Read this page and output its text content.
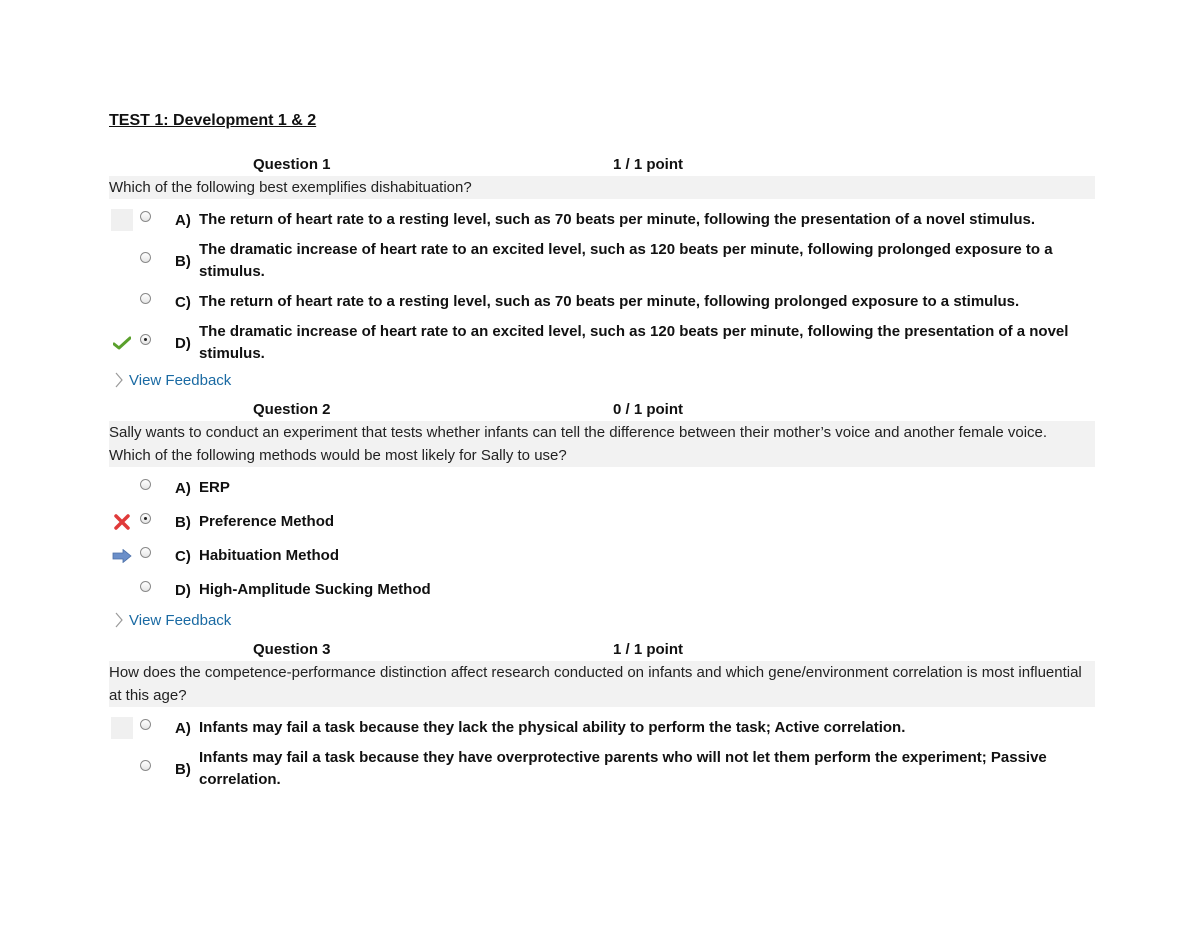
TEST 1: Development 1 & 2
Question 1	1 / 1 point
Which of the following best exemplifies dishabituation?
A) The return of heart rate to a resting level, such as 70 beats per minute, following the presentation of a novel stimulus.
B)
The dramatic increase of heart rate to an excited level, such as 120 beats per minute, following prolonged exposure to a stimulus.
C) The return of heart rate to a resting level, such as 70 beats per minute, following prolonged exposure to a stimulus.
D)
The dramatic increase of heart rate to an excited level, such as 120 beats per minute, following the presentation of a novel stimulus.
View Feedback
Question 2	0 / 1 point
Sally wants to conduct an experiment that tests whether infants can tell the difference between their mother’s voice and another female voice. Which of the following methods would be most likely for Sally to use?
A) ERP
B) Preference Method
C) Habituation Method
D) High-Amplitude Sucking Method
View Feedback
Question 3	1 / 1 point
How does the competence-performance distinction affect research conducted on infants and which gene/environment correlation is most influential at this age?
A) Infants may fail a task because they lack the physical ability to perform the task; Active correlation.
B)
Infants may fail a task because they have overprotective parents who will not let them perform the experiment; Passive correlation.
